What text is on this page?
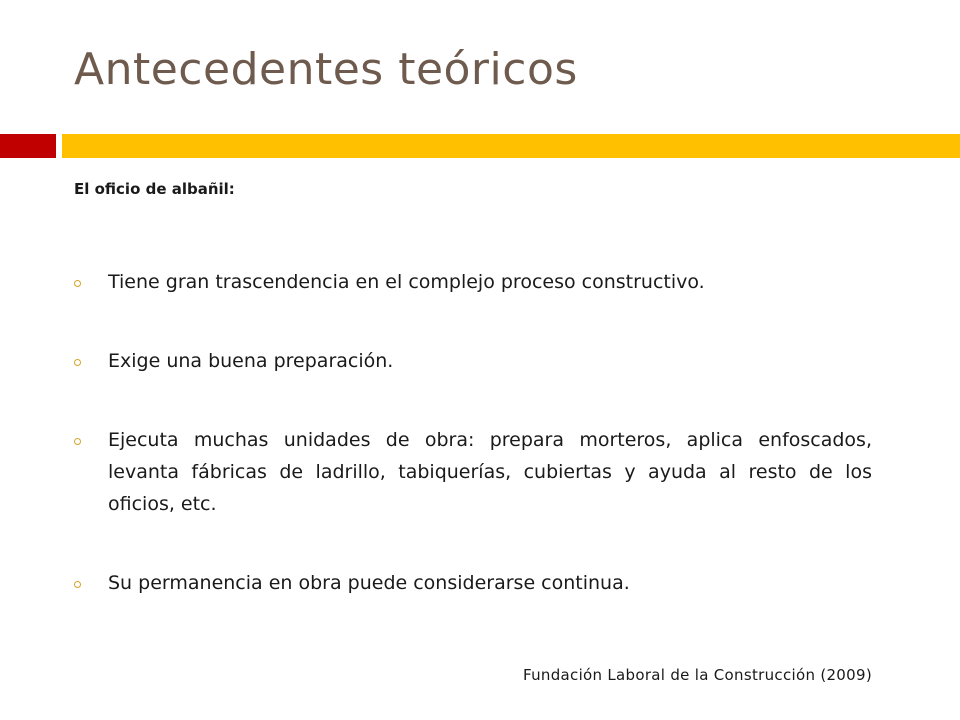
Antecedentes teóricos

El oficio de albañil:

Tiene gran trascendencia en el complejo proceso constructivo.
Exige una buena preparación.
Ejecuta muchas unidades de obra: prepara morteros, aplica enfoscados, levanta fábricas de ladrillo, tabiquerías, cubiertas y ayuda al resto de los oficios, etc.
Su permanencia en obra puede considerarse continua.

Fundación Laboral de la Construcción (2009)
